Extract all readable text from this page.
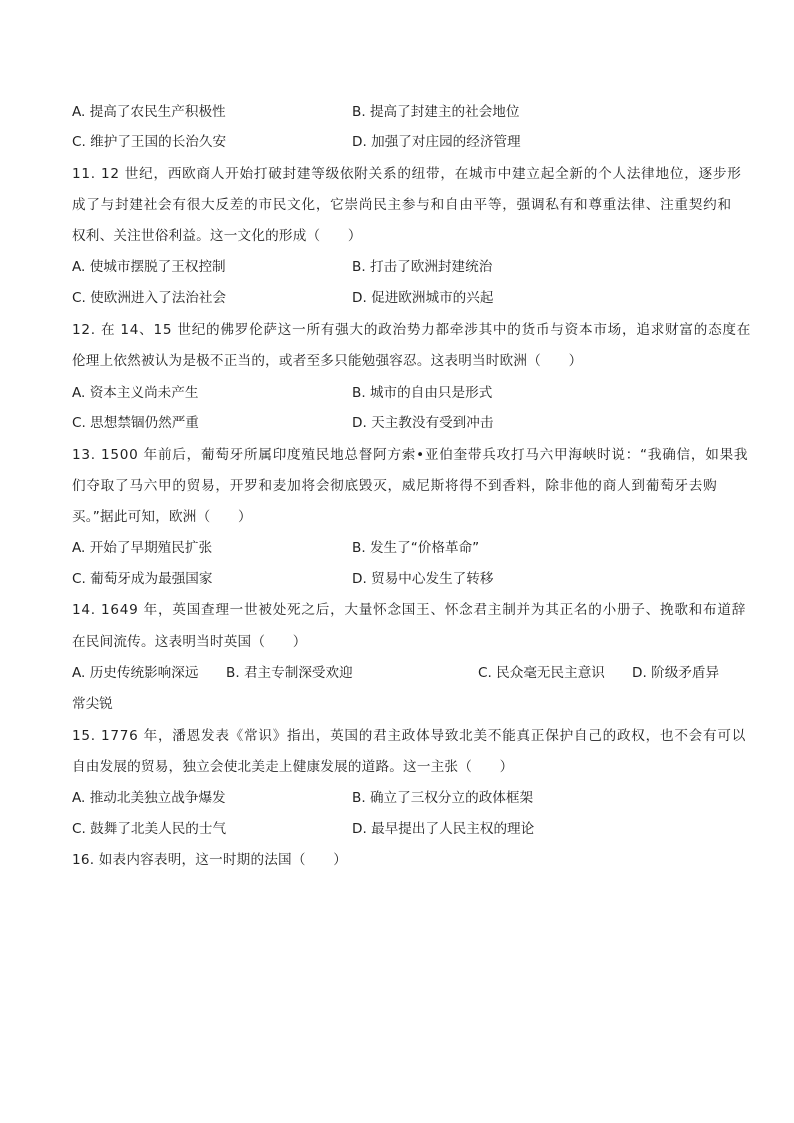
A. 提高了农民生产积极性	B. 提高了封建主的社会地位
C. 维护了王国的长治久安	D. 加强了对庄园的经济管理
11. 12 世纪，西欧商人开始打破封建等级依附关系的纽带，在城市中建立起全新的个人法律地位，逐步形
成了与封建社会有很大反差的市民文化，它崇尚民主参与和自由平等，强调私有和尊重法律、注重契约和
权利、关注世俗利益。这一文化的形成（　　）
A. 使城市摆脱了王权控制	B. 打击了欧洲封建统治
C. 使欧洲进入了法治社会	D. 促进欧洲城市的兴起
12. 在 14、15 世纪的佛罗伦萨这一所有强大的政治势力都牵涉其中的货币与资本市场，追求财富的态度在
伦理上依然被认为是极不正当的，或者至多只能勉强容忍。这表明当时欧洲（　　）
A. 资本主义尚未产生	B. 城市的自由只是形式
C. 思想禁锢仍然严重	D. 天主教没有受到冲击
13. 1500 年前后，葡萄牙所属印度殖民地总督阿方索•亚伯奎带兵攻打马六甲海峡时说：“我确信，如果我
们夺取了马六甲的贸易，开罗和麦加将会彻底毁灭，威尼斯将得不到香料，除非他的商人到葡萄牙去购
买。”据此可知，欧洲（　　）
A. 开始了早期殖民扩张	B. 发生了“价格革命”
C. 葡萄牙成为最强国家	D. 贸易中心发生了转移
14. 1649 年，英国查理一世被处死之后，大量怀念国王、怀念君主制并为其正名的小册子、挽歌和布道辞
在民间流传。这表明当时英国（　　）
A. 历史传统影响深远 B. 君主专制深受欢迎	C. 民众毫无民主意识 D. 阶级矛盾异
常尖锐
15. 1776 年，潘恩发表《常识》指出，英国的君主政体导致北美不能真正保护自己的政权，也不会有可以
自由发展的贸易，独立会使北美走上健康发展的道路。这一主张（　　）
A. 推动北美独立战争爆发	B. 确立了三权分立的政体框架
C. 鼓舞了北美人民的士气	D. 最早提出了人民主权的理论
16. 如表内容表明，这一时期的法国（　　）
